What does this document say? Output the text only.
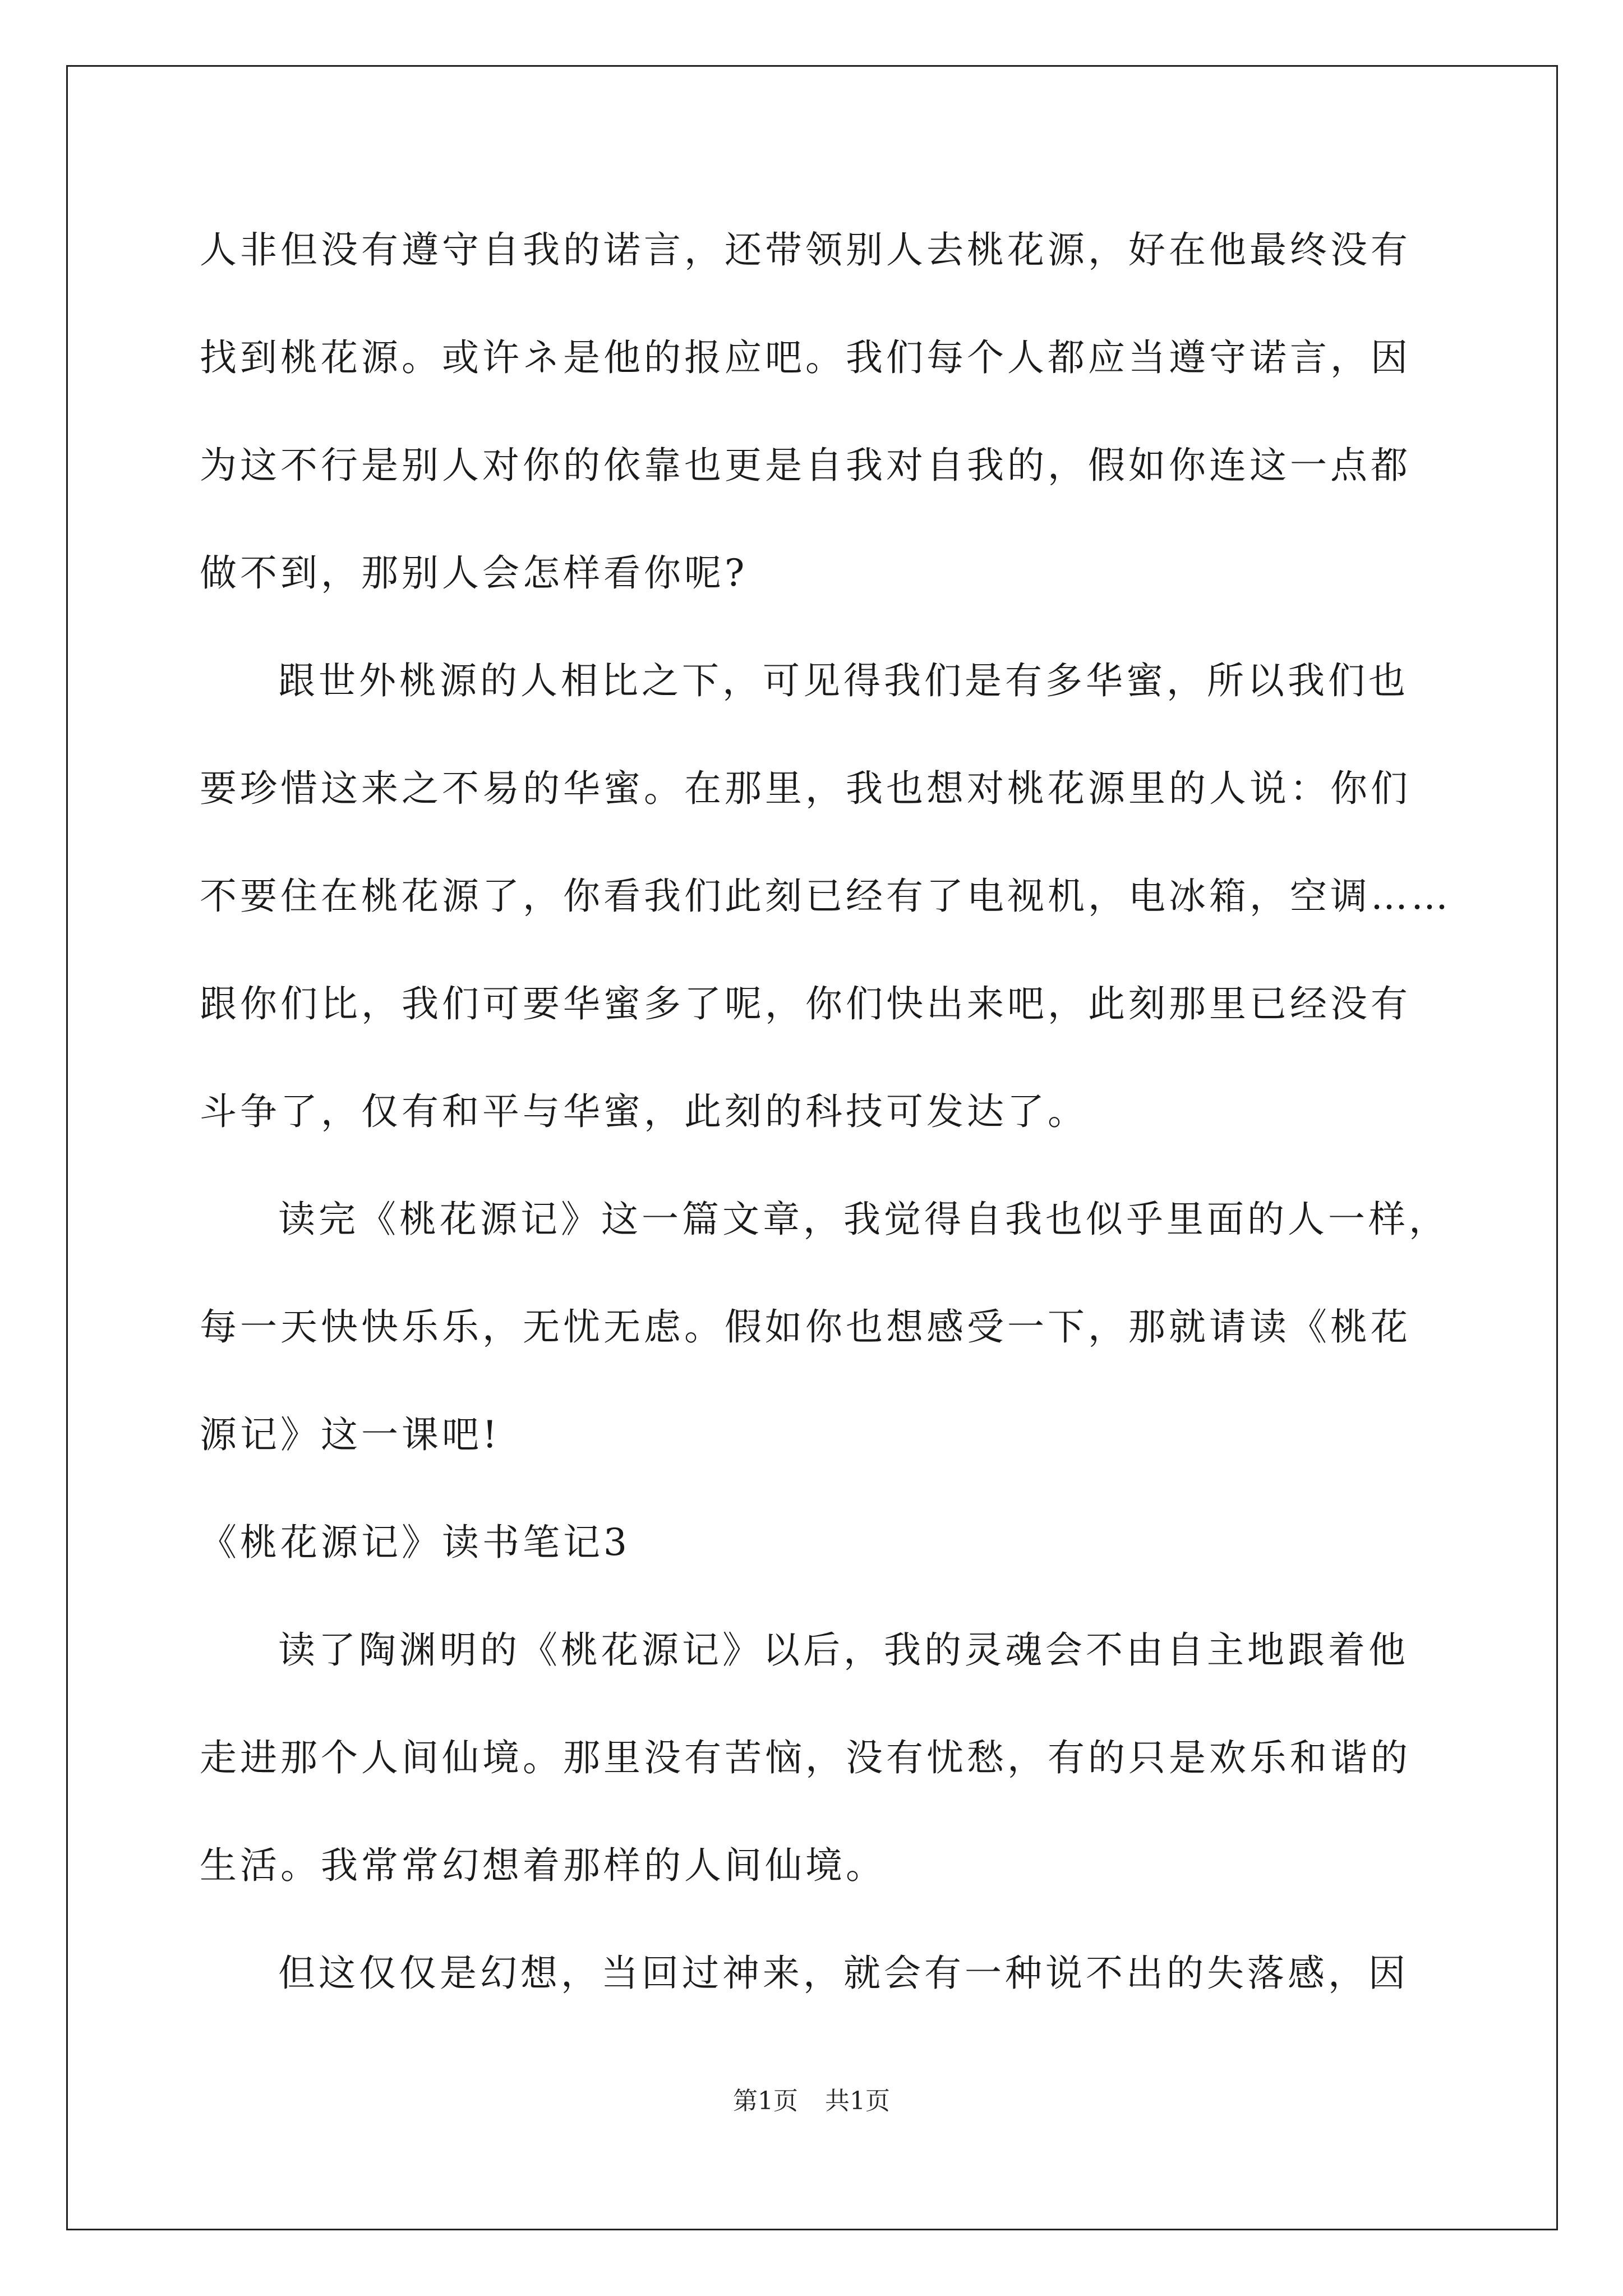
人非但没有遵守自我的诺言，还带领别人去桃花源，好在他最终没有
找到桃花源。或许ネ是他的报应吧。我们每个人都应当遵守诺言，因
为这不行是别人对你的依靠也更是自我对自我的，假如你连这一点都
做不到，那别人会怎样看你呢?
跟世外桃源的人相比之下，可见得我们是有多华蜜，所以我们也
要珍惜这来之不易的华蜜。在那里，我也想对桃花源里的人说：你们
不要住在桃花源了，你看我们此刻已经有了电视机，电冰箱，空调……
跟你们比，我们可要华蜜多了呢，你们快出来吧，此刻那里已经没有
斗争了，仅有和平与华蜜，此刻的科技可发达了。
读完《桃花源记》这一篇文章，我觉得自我也似乎里面的人一样，
每一天快快乐乐，无忧无虑。假如你也想感受一下，那就请读《桃花
源记》这一课吧!
《桃花源记》读书笔记3
读了陶渊明的《桃花源记》以后，我的灵魂会不由自主地跟着他
走进那个人间仙境。那里没有苦恼，没有忧愁，有的只是欢乐和谐的
生活。我常常幻想着那样的人间仙境。
但这仅仅是幻想，当回过神来，就会有一种说不出的失落感，因
第1页 共1页
